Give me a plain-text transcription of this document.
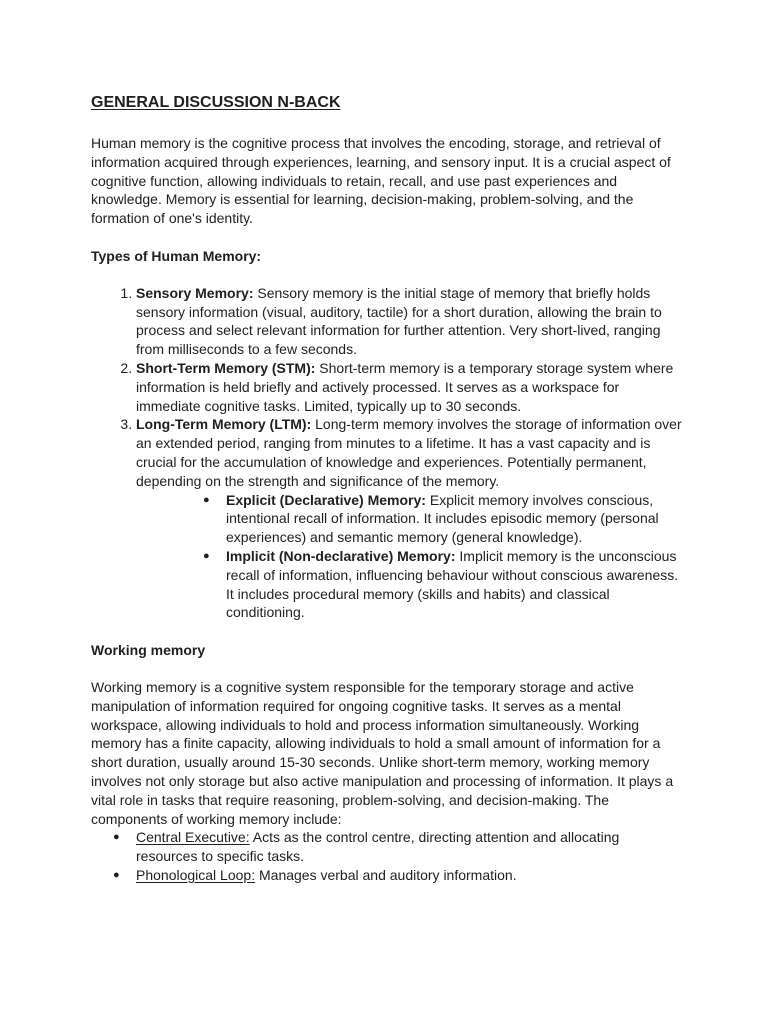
GENERAL DISCUSSION N-BACK

Human memory is the cognitive process that involves the encoding, storage, and retrieval of information acquired through experiences, learning, and sensory input. It is a crucial aspect of cognitive function, allowing individuals to retain, recall, and use past experiences and knowledge. Memory is essential for learning, decision-making, problem-solving, and the formation of one's identity.

Types of Human Memory:

1. Sensory Memory: Sensory memory is the initial stage of memory that briefly holds sensory information (visual, auditory, tactile) for a short duration, allowing the brain to process and select relevant information for further attention. Very short-lived, ranging from milliseconds to a few seconds.
2. Short-Term Memory (STM): Short-term memory is a temporary storage system where information is held briefly and actively processed. It serves as a workspace for immediate cognitive tasks. Limited, typically up to 30 seconds.
3. Long-Term Memory (LTM): Long-term memory involves the storage of information over an extended period, ranging from minutes to a lifetime. It has a vast capacity and is crucial for the accumulation of knowledge and experiences. Potentially permanent, depending on the strength and significance of the memory.
● Explicit (Declarative) Memory: Explicit memory involves conscious, intentional recall of information. It includes episodic memory (personal experiences) and semantic memory (general knowledge).
● Implicit (Non-declarative) Memory: Implicit memory is the unconscious recall of information, influencing behaviour without conscious awareness. It includes procedural memory (skills and habits) and classical conditioning.

Working memory

Working memory is a cognitive system responsible for the temporary storage and active manipulation of information required for ongoing cognitive tasks. It serves as a mental workspace, allowing individuals to hold and process information simultaneously. Working memory has a finite capacity, allowing individuals to hold a small amount of information for a short duration, usually around 15-30 seconds. Unlike short-term memory, working memory involves not only storage but also active manipulation and processing of information. It plays a vital role in tasks that require reasoning, problem-solving, and decision-making. The components of working memory include:

● Central Executive: Acts as the control centre, directing attention and allocating resources to specific tasks.
● Phonological Loop: Manages verbal and auditory information.
